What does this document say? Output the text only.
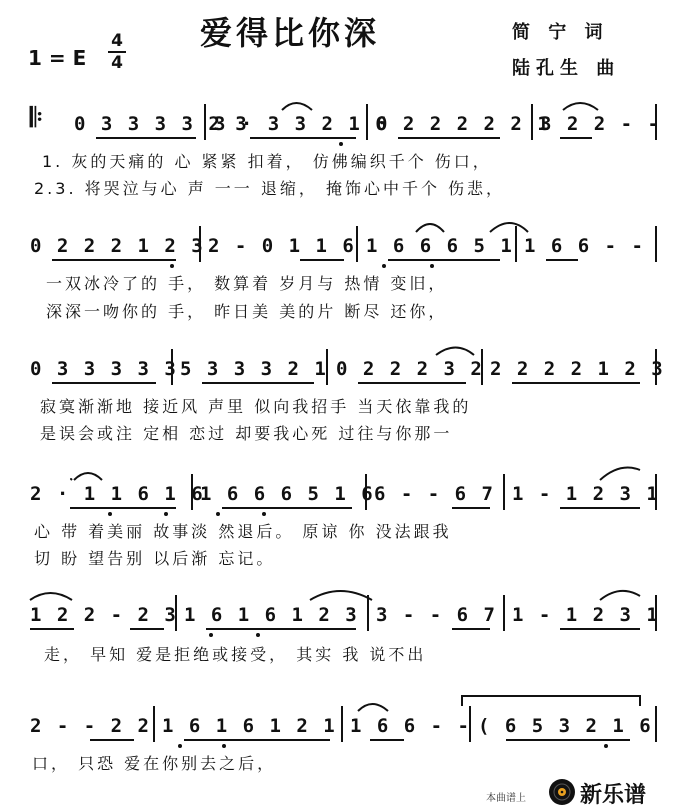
爱得比你深	简 宁 词
陆孔生 曲
1 = E
4
4
𝄆 0 3 3 3 3 2 3
3 · 3 3 2 1 6
0 2 2 2 2 2 1
3 2 2 - -
1. 灰的天痛的 心 紧紧 扣着， 仿佛编织千个 伤口，
2.3. 将哭泣与心 声 一一 退缩， 掩饰心中千个 伤悲，
0 2 2 2 1 2 3 2 - 0 1 1 6 1 6 6 6 5 1 1 6 6 - -
一双冰冷了的 手， 数算着 岁月与 热情 变旧，
深深一吻你的 手， 昨日美 美的片 断尽 还你，
0 3 3 3 3 3 5 3 3 3 2 1 0 2 2 2 3 2 2 2 2 2 1 2 3
寂寞渐渐地 接近风 声里 似向我招手 当天依靠我的
是误会或注 定相 恋过 却要我心死 过往与你那一
2 · 1 1 6 1 6
1 6 6 6 5 1 6 6 - - 6 7 1 - 1 2 3 1
心 带 着美丽 故事淡 然退后。 原谅 你 没法跟我
切 盼 望告别 以后渐 忘记。
1 2 2 - 2 3 1 6 1 6 1 2 3 3 - - 6 7 1 - 1 2 3 1
走， 早知 爱是拒绝或接受， 其实 我 说不出
2 - - 2 2 1 6 1 6 1 2 1 1 6 6 - - ( 6 5 3 2 1 6
口， 只恐 爱在你别去之后，
本曲谱上 新乐谱
